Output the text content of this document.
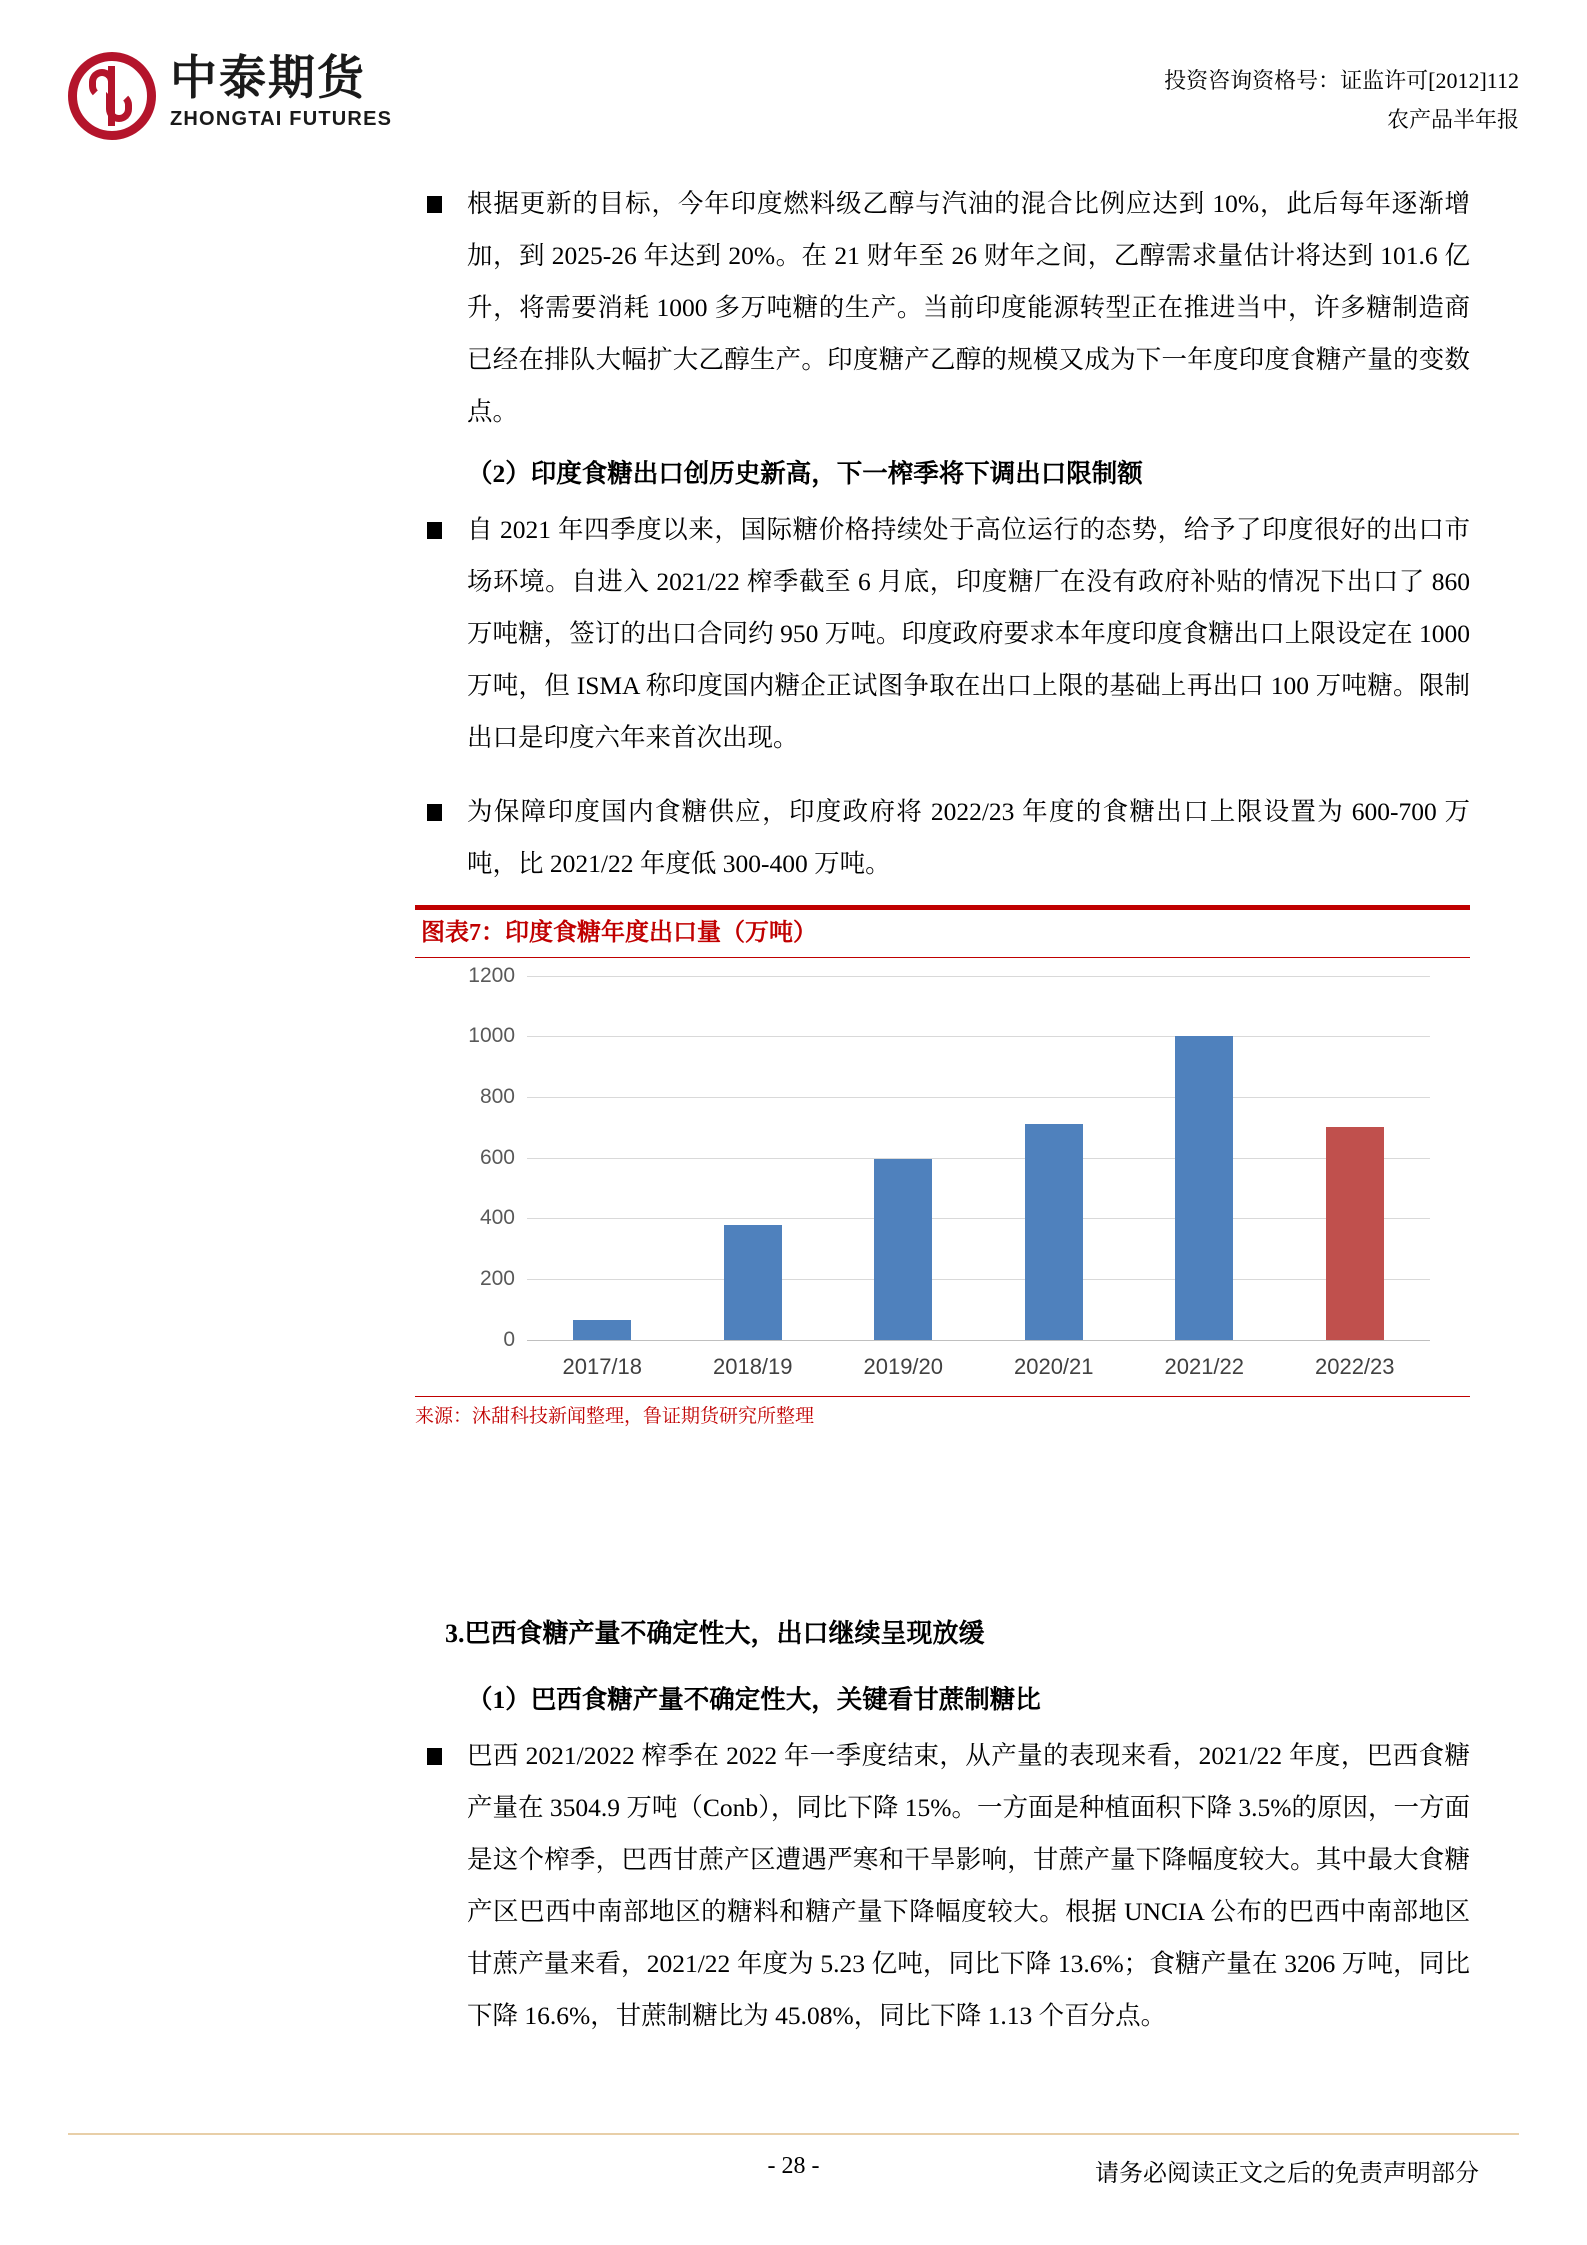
中泰期货
ZHONGTAI FUTURES
投资咨询资格号：证监许可[2012]112
农产品半年报
根据更新的目标，今年印度燃料级乙醇与汽油的混合比例应达到 10%，此后每年逐渐增加，到 2025-26 年达到 20%。在 21 财年至 26 财年之间，乙醇需求量估计将达到 101.6 亿升，将需要消耗 1000 多万吨糖的生产。当前印度能源转型正在推进当中，许多糖制造商已经在排队大幅扩大乙醇生产。印度糖产乙醇的规模又成为下一年度印度食糖产量的变数点。
（2）印度食糖出口创历史新高，下一榨季将下调出口限制额
自 2021 年四季度以来，国际糖价格持续处于高位运行的态势，给予了印度很好的出口市场环境。自进入 2021/22 榨季截至 6 月底，印度糖厂在没有政府补贴的情况下出口了 860 万吨糖，签订的出口合同约 950 万吨。印度政府要求本年度印度食糖出口上限设定在 1000 万吨，但 ISMA 称印度国内糖企正试图争取在出口上限的基础上再出口 100 万吨糖。限制出口是印度六年来首次出现。
为保障印度国内食糖供应，印度政府将 2022/23 年度的食糖出口上限设置为 600-700 万吨，比 2021/22 年度低 300-400 万吨。
图表7：印度食糖年度出口量（万吨）
1200
1000
800
600
400
200
0
2017/18	2018/19	2019/20	2020/21	2021/22	2022/23
来源：沐甜科技新闻整理，鲁证期货研究所整理
3.巴西食糖产量不确定性大，出口继续呈现放缓
（1）巴西食糖产量不确定性大，关键看甘蔗制糖比
巴西 2021/2022 榨季在 2022 年一季度结束，从产量的表现来看，2021/22 年度，巴西食糖产量在 3504.9 万吨（Conb），同比下降 15%。一方面是种植面积下降 3.5%的原因，一方面是这个榨季，巴西甘蔗产区遭遇严寒和干旱影响，甘蔗产量下降幅度较大。其中最大食糖产区巴西中南部地区的糖料和糖产量下降幅度较大。根据 UNCIA 公布的巴西中南部地区甘蔗产量来看，2021/22 年度为 5.23 亿吨，同比下降 13.6%；食糖产量在 3206 万吨，同比下降 16.6%，甘蔗制糖比为 45.08%，同比下降 1.13 个百分点。
- 28 -	请务必阅读正文之后的免责声明部分
